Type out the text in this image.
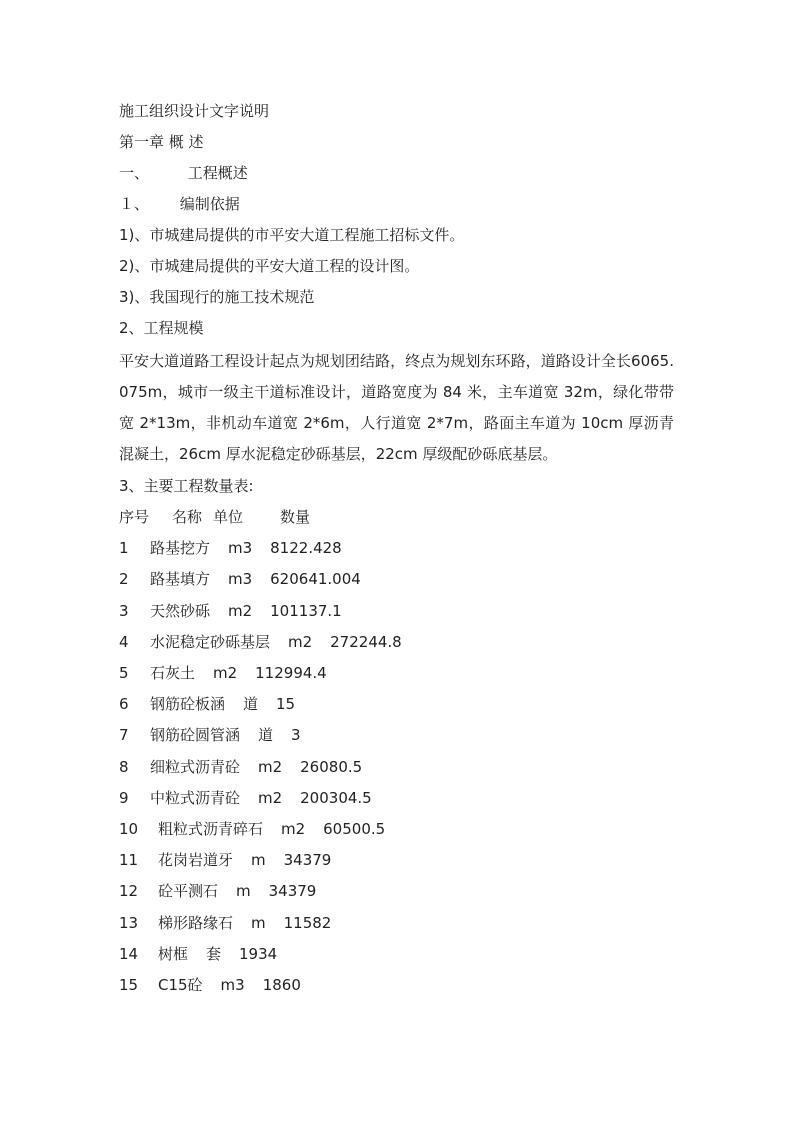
施工组织设计文字说明
第一章 概 述
一、	工程概述
１、 编制依据
1)、市城建局提供的市平安大道工程施工招标文件。
2)、市城建局提供的平安大道工程的设计图。
3)、我国现行的施工技术规范
2、工程规模
平安大道道路工程设计起点为规划团结路，终点为规划东环路，道路设计全长6065.075m，城市一级主干道标准设计，道路宽度为 84 米，主车道宽 32m，绿化带带宽 2*13m，非机动车道宽 2*6m，人行道宽 2*7m，路面主车道为 10cm 厚沥青混凝土，26cm 厚水泥稳定砂砾基层，22cm 厚级配砂砾底基层。
3、主要工程数量表:
序号 名称 单位 数量
1 路基挖方 m3 8122.428
2 路基填方 m3 620641.004
3 天然砂砾 m2 101137.1
4 水泥稳定砂砾基层 m2 272244.8
5 石灰土 m2 112994.4
6 钢筋砼板涵 道 15
7 钢筋砼圆管涵 道 3
8 细粒式沥青砼 m2 26080.5
9 中粒式沥青砼 m2 200304.5
10 粗粒式沥青碎石 m2 60500.5
11 花岗岩道牙 m 34379
12 砼平测石 m 34379
13 梯形路缘石 m 11582
14 树框 套 1934
15 C15砼 m3 1860
